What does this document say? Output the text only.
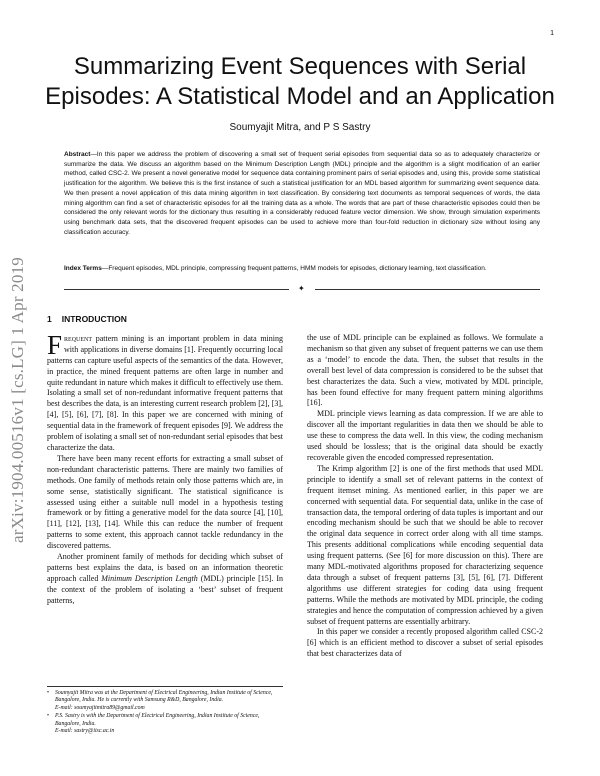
1
arXiv:1904.00516v1 [cs.LG] 1 Apr 2019
Summarizing Event Sequences with Serial Episodes: A Statistical Model and an Application
Soumyajit Mitra, and P S Sastry
Abstract—In this paper we address the problem of discovering a small set of frequent serial episodes from sequential data so as to adequately characterize or summarize the data. We discuss an algorithm based on the Minimum Description Length (MDL) principle and the algorithm is a slight modification of an earlier method, called CSC-2. We present a novel generative model for sequence data containing prominent pairs of serial episodes and, using this, provide some statistical justification for the algorithm. We believe this is the first instance of such a statistical justification for an MDL based algorithm for summarizing event sequence data. We then present a novel application of this data mining algorithm in text classification. By considering text documents as temporal sequences of words, the data mining algorithm can find a set of characteristic episodes for all the training data as a whole. The words that are part of these characteristic episodes could then be considered the only relevant words for the dictionary thus resulting in a considerably reduced feature vector dimension. We show, through simulation experiments using benchmark data sets, that the discovered frequent episodes can be used to achieve more than four-fold reduction in dictionary size without losing any classification accuracy.
Index Terms—Frequent episodes, MDL principle, compressing frequent patterns, HMM models for episodes, dictionary learning, text classification.
✦
1 INTRODUCTION

Frequent pattern mining is an important problem in data mining with applications in diverse domains [1]. Frequently occurring local patterns can capture useful aspects of the semantics of the data. However, in practice, the mined frequent patterns are often large in number and quite redundant in nature which makes it difficult to effectively use them. Isolating a small set of non-redundant informative frequent patterns that best describes the data, is an interesting current research problem [2], [3], [4], [5], [6], [7], [8]. In this paper we are concerned with mining of sequential data in the framework of frequent episodes [9]. We address the problem of isolating a small set of non-redundant serial episodes that best characterize the data.

There have been many recent efforts for extracting a small subset of non-redundant characteristic patterns. There are mainly two families of methods. One family of methods retain only those patterns which are, in some sense, statistically significant. The statistical significance is assessed using either a suitable null model in a hypothesis testing framework or by fitting a generative model for the data source [4], [10], [11], [12], [13], [14]. While this can reduce the number of frequent patterns to some extent, this approach cannot tackle redundancy in the discovered patterns.

Another prominent family of methods for deciding which subset of patterns best explains the data, is based on an information theoretic approach called Minimum Description Length (MDL) principle [15]. In the context of the problem of isolating a ‘best’ subset of frequent patterns,

the use of MDL principle can be explained as follows. We formulate a mechanism so that given any subset of frequent patterns we can use them as a ‘model’ to encode the data. Then, the subset that results in the overall best level of data compression is considered to be the subset that best characterizes the data. Such a view, motivated by MDL principle, has been found effective for many frequent pattern mining algorithms [16].

MDL principle views learning as data compression. If we are able to discover all the important regularities in data then we should be able to use these to compress the data well. In this view, the coding mechanism used should be lossless; that is the original data should be exactly recoverable given the encoded compressed representation.

The Krimp algorithm [2] is one of the first methods that used MDL principle to identify a small set of relevant patterns in the context of frequent itemset mining. As mentioned earlier, in this paper we are concerned with sequential data. For sequential data, unlike in the case of transaction data, the temporal ordering of data tuples is important and our encoding mechanism should be such that we should be able to recover the original data sequence in correct order along with all time stamps. This presents additional complications while encoding sequential data using frequent patterns. (See [6] for more discussion on this). There are many MDL-motivated algorithms proposed for characterizing sequence data through a subset of frequent patterns [3], [5], [6], [7]. Different algorithms use different strategies for coding data using frequent patterns. While the methods are motivated by MDL principle, the coding strategies and hence the computation of compression achieved by a given subset of frequent patterns are essentially arbitrary.

In this paper we consider a recently proposed algorithm called CSC-2 [6] which is an efficient method to discover a subset of serial episodes that best characterizes data of

•	Soumyajit Mitra was at the Department of Electrical Engineering, Indian Institute of Science, Bangalore, India. He is currently with Samsung R&D, Bangalore, India.
E-mail: soumyajitmitra89@gmail.com
•	P.S. Sastry is with the Department of Electrical Engineering, Indian Institute of Science, Bangalore, India.
E-mail: sastry@iisc.ac.in
